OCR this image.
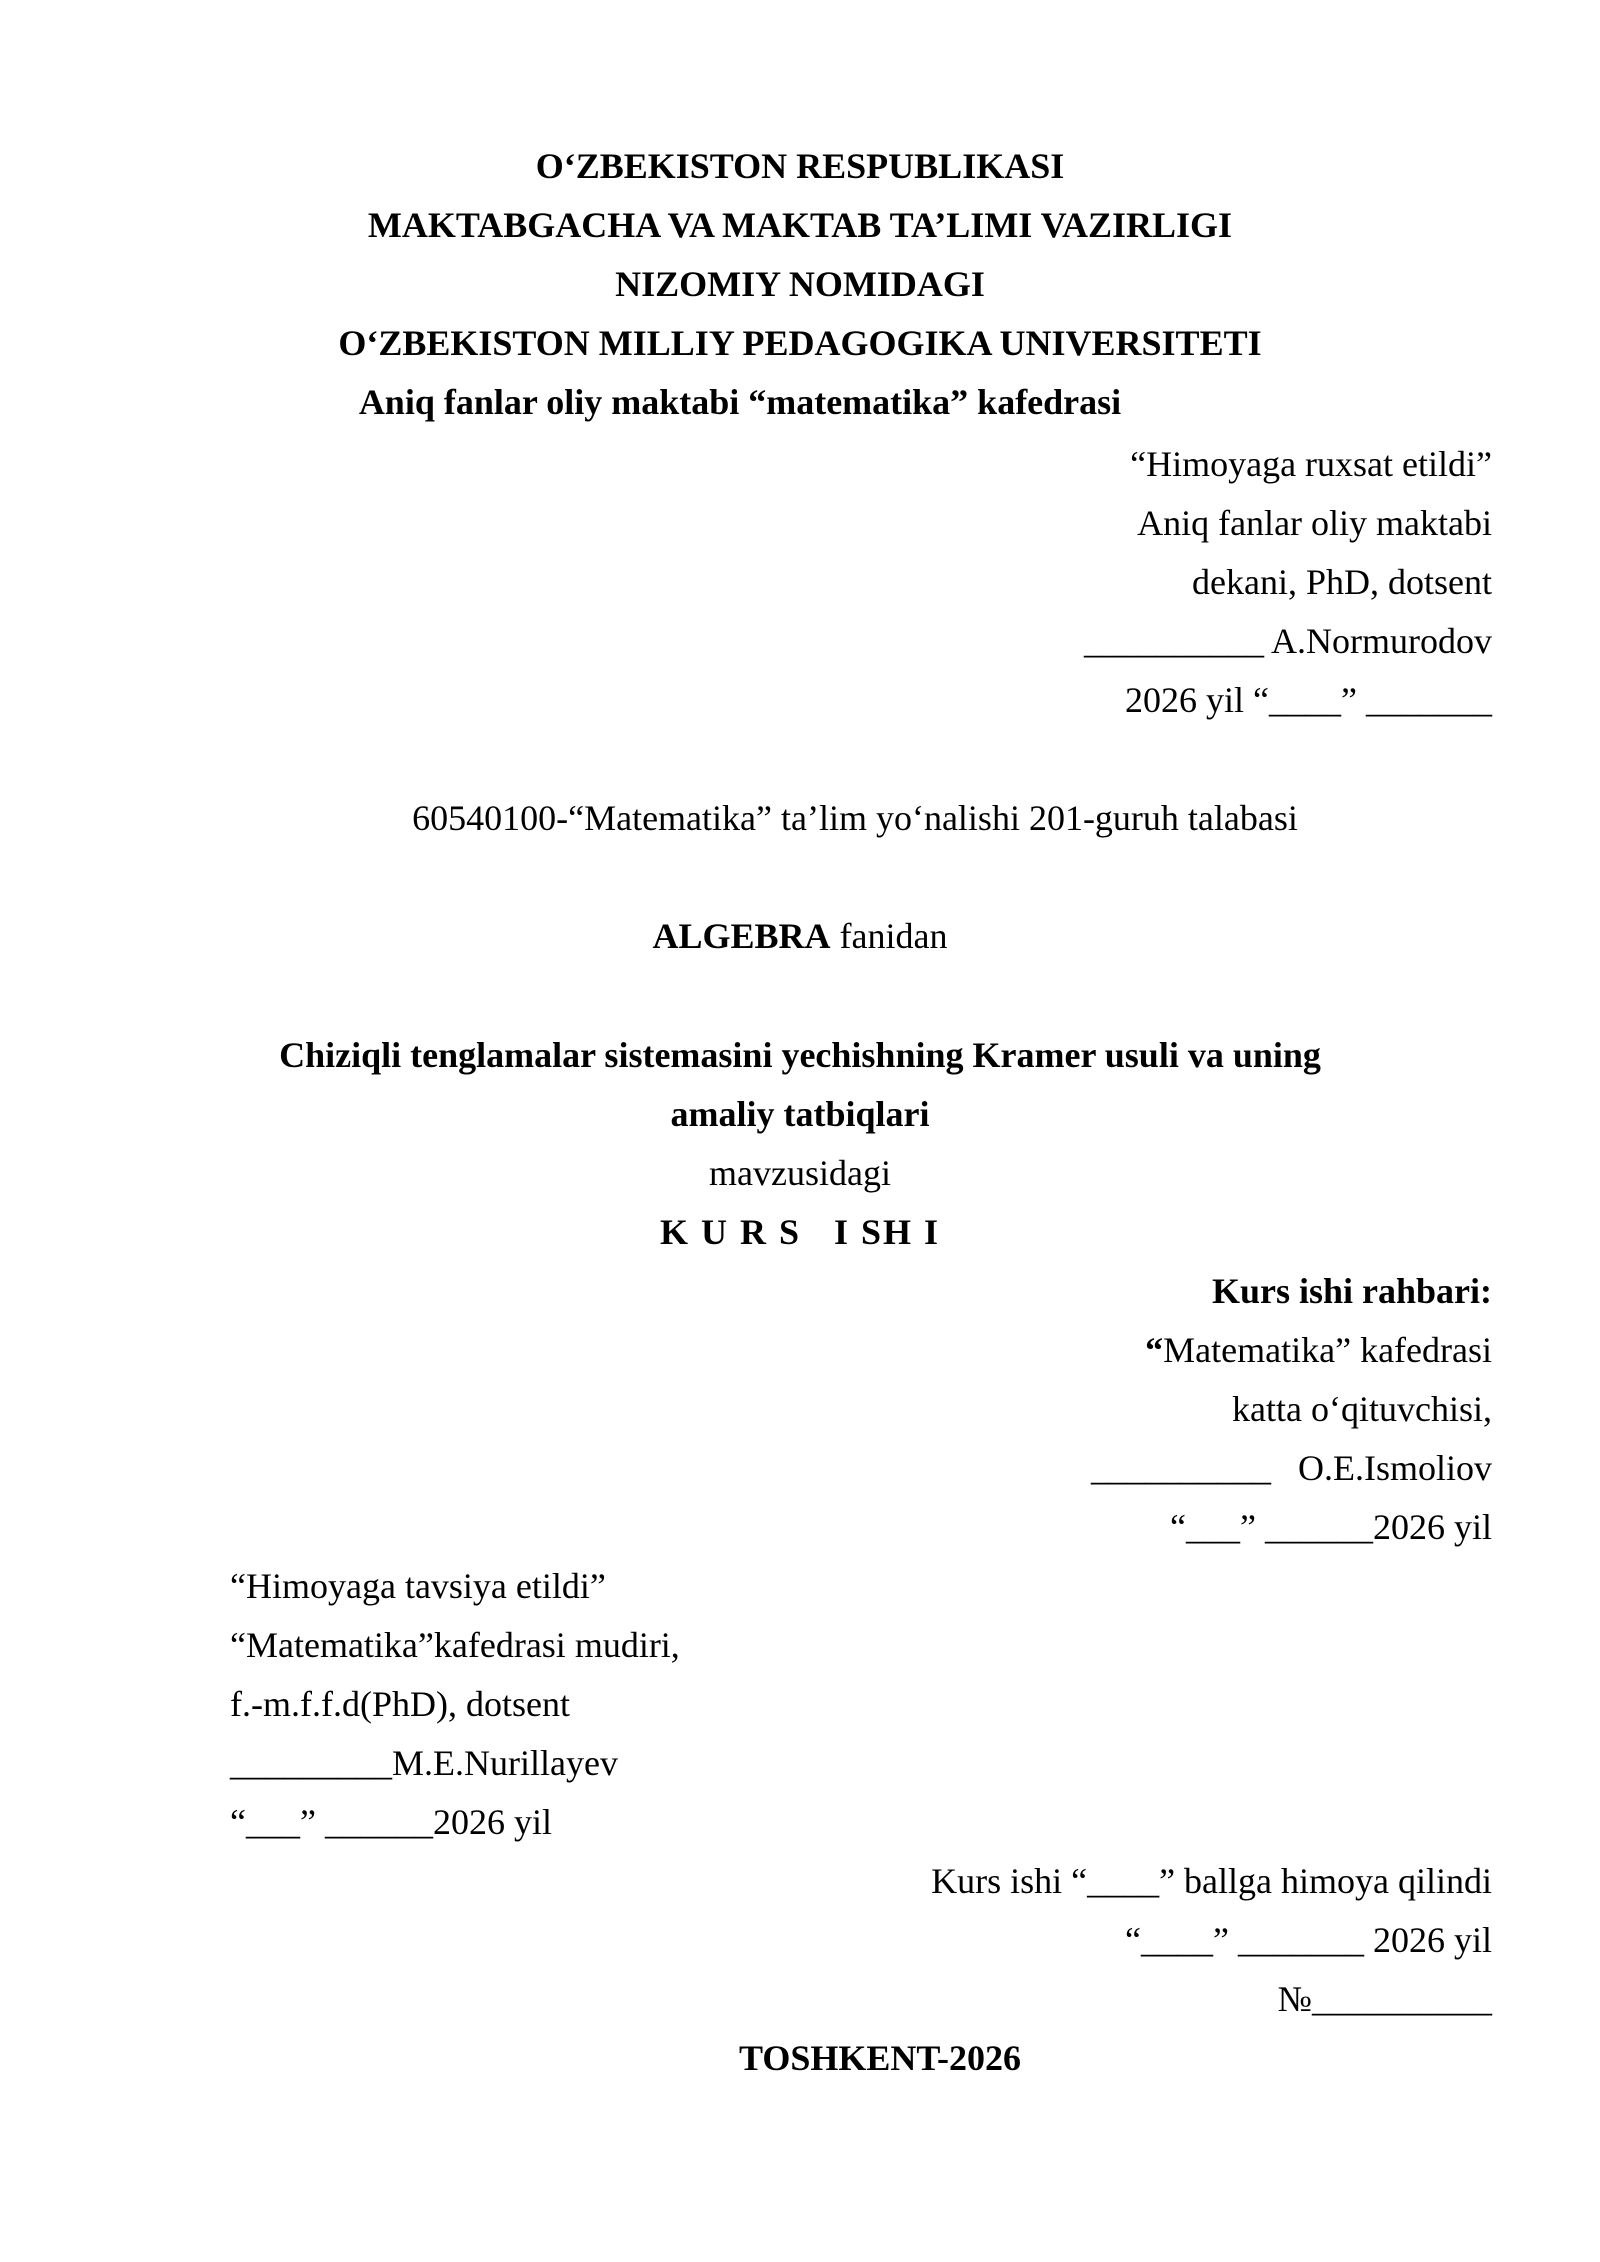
O‘ZBEKISTON RESPUBLIKASI
MAKTABGACHA VA MAKTAB TA’LIMI VAZIRLIGI
NIZOMIY NOMIDAGI
O‘ZBEKISTON MILLIY PEDAGOGIKA UNIVERSITETI
Aniq fanlar oliy maktabi “matematika” kafedrasi
“Himoyaga ruxsat etildi”
Aniq fanlar oliy maktabi
dekani, PhD, dotsent
__________ A.Normurodov
2026 yil “____” _______
60540100-“Matematika” ta’lim yo‘nalishi 201-guruh talabasi
ALGEBRA fanidan
Chiziqli tenglamalar sistemasini yechishning Kramer usuli va uning
amaliy tatbiqlari
mavzusidagi
K U R S   I SH I
Kurs ishi rahbari:
“Matematika” kafedrasi
katta o‘qituvchisi,
__________   O.E.Ismoliov
“___” ______2026 yil
“Himoyaga tavsiya etildi”
“Matematika”kafedrasi mudiri,
f.-m.f.f.d(PhD), dotsent
_________M.E.Nurillayev
“___” ______2026 yil
Kurs ishi “____” ballga himoya qilindi
“____” _______ 2026 yil
№__________
TOSHKENT-2026
